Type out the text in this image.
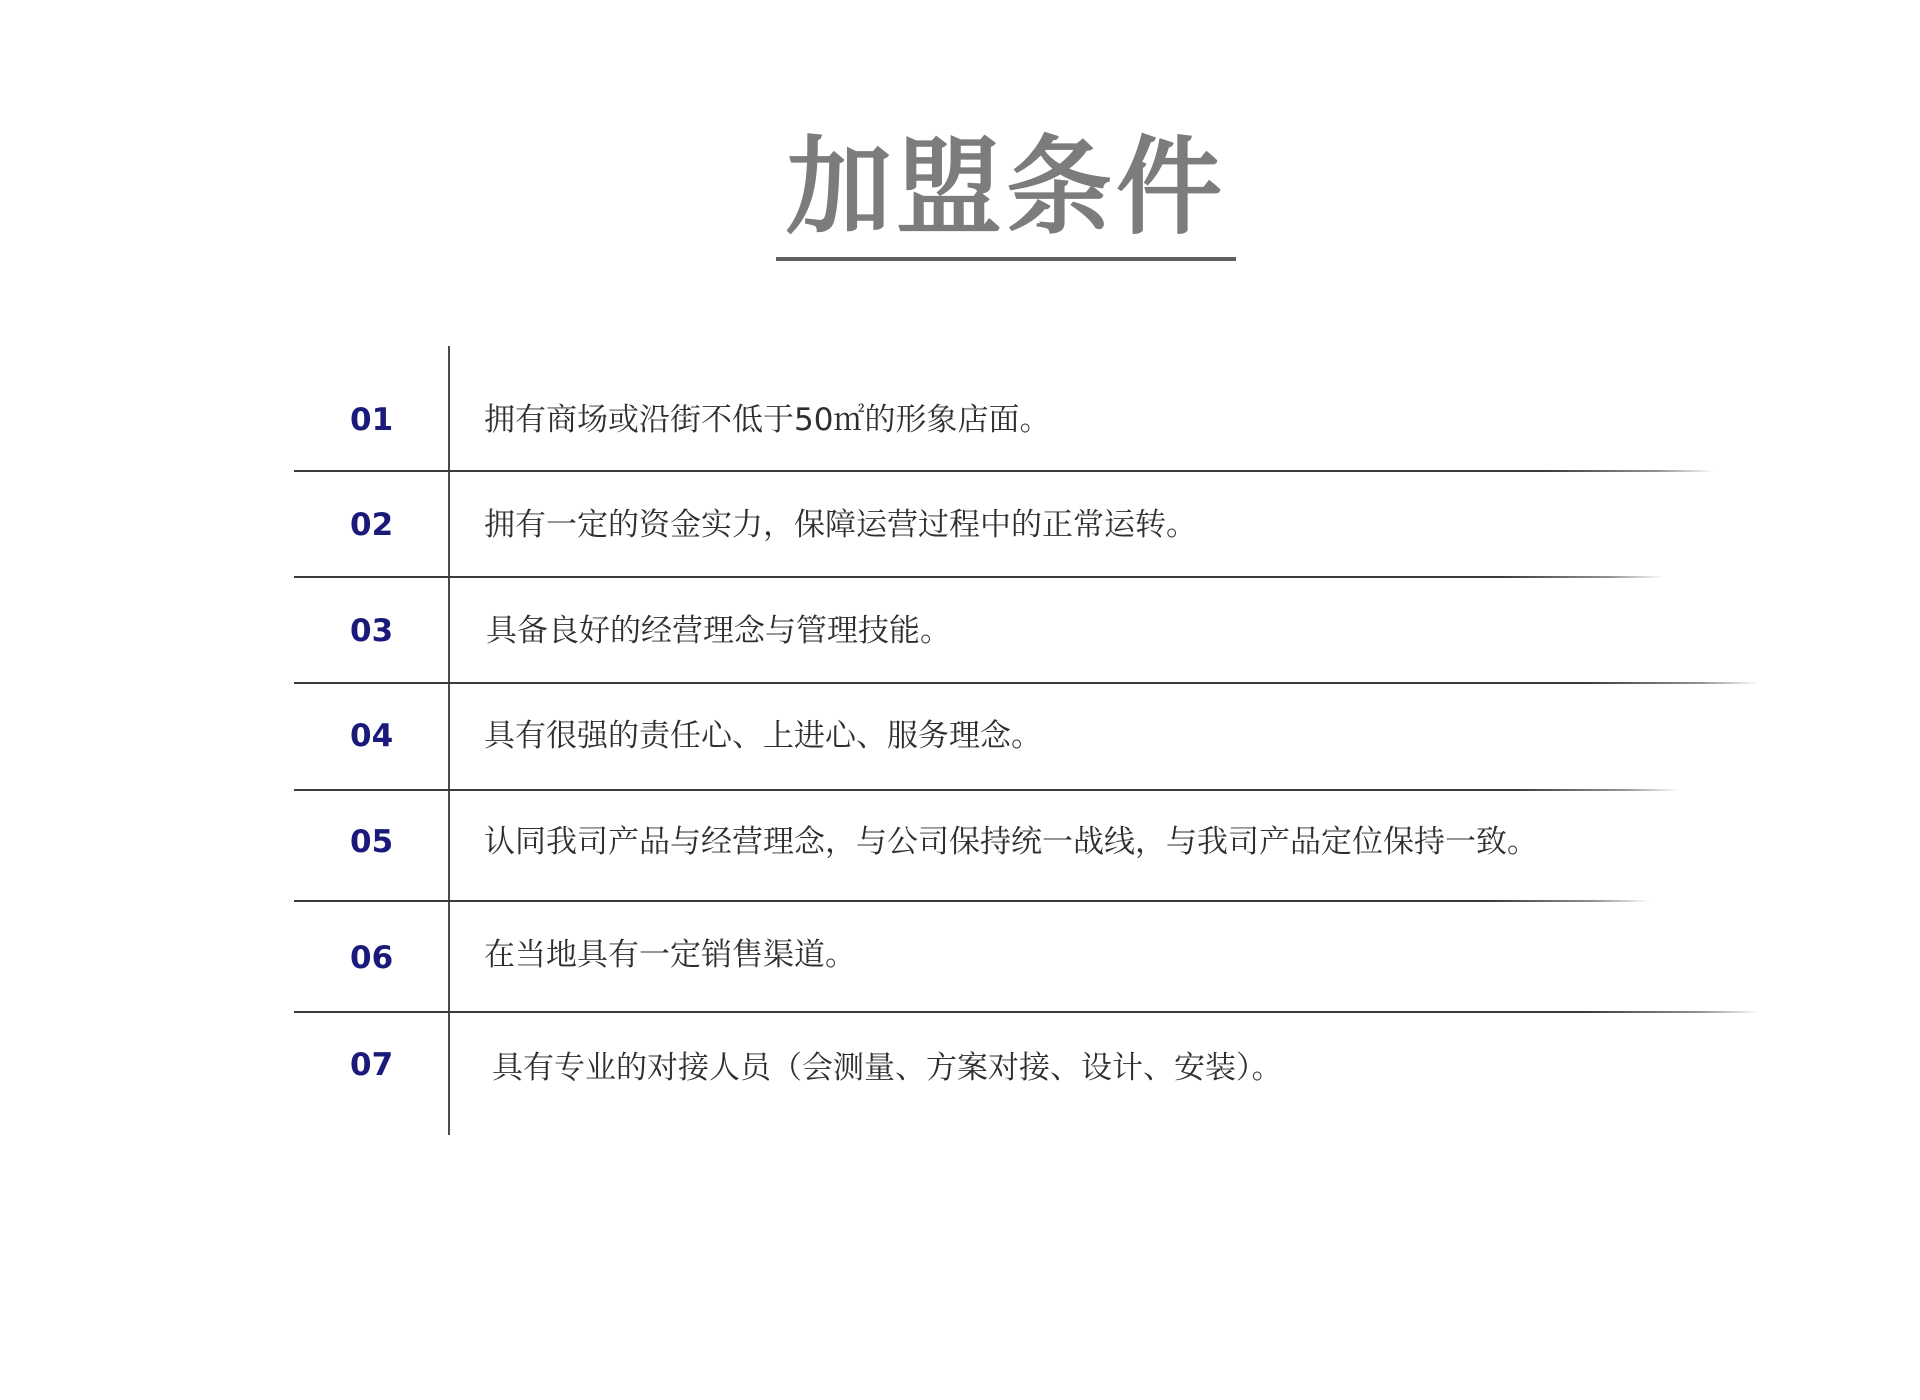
加盟条件
01	拥有商场或沿街不低于50㎡的形象店面。
02	拥有一定的资金实力，保障运营过程中的正常运转。
03	具备良好的经营理念与管理技能。
04	具有很强的责任心、上进心、服务理念。
05	认同我司产品与经营理念，与公司保持统一战线，与我司产品定位保持一致。
06	在当地具有一定销售渠道。
07	具有专业的对接人员（会测量、方案对接、设计、安装）。
